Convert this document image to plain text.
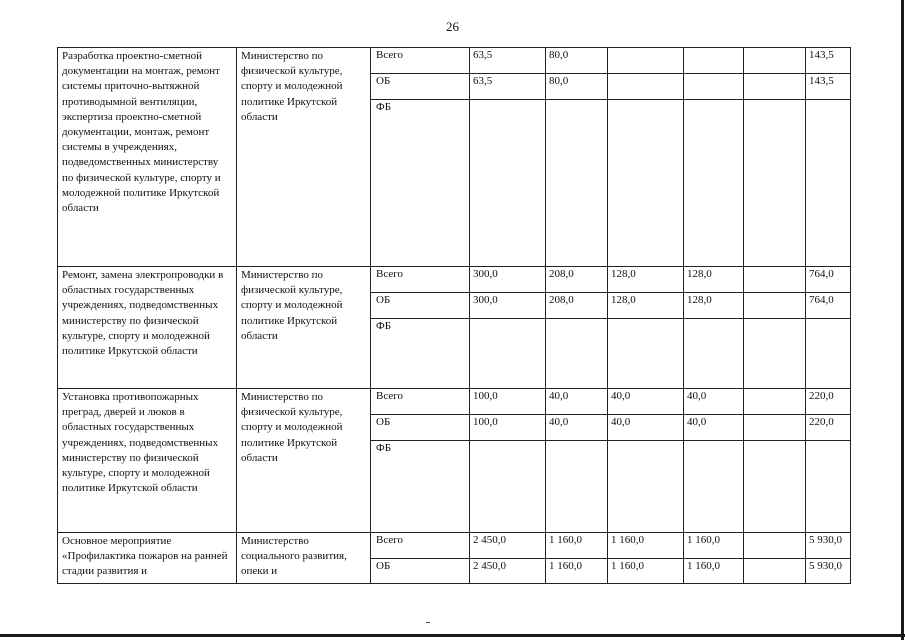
26
Разработка проектно-сметной документации на монтаж, ремонт системы приточно-вытяжной противодымной вентиляции, экспертиза проектно-сметной документации, монтаж, ремонт системы в учреждениях, подведомственных министерству по физической культуре, спорту и молодежной политике Иркутской области	Министерство по физической культуре, спорту и молодежной политике Иркутской области	Всего	63,5	80,0				143,5
		ОБ	63,5	80,0				143,5
		ФБ						
Ремонт, замена электропроводки в областных государственных учреждениях, подведомственных министерству по физической культуре, спорту и молодежной политике Иркутской области	Министерство по физической культуре, спорту и молодежной политике Иркутской области	Всего	300,0	208,0	128,0	128,0		764,0
		ОБ	300,0	208,0	128,0	128,0		764,0
		ФБ						
Установка противопожарных преград, дверей и люков в областных государственных учреждениях, подведомственных министерству по физической культуре, спорту и молодежной политике Иркутской области	Министерство по физической культуре, спорту и молодежной политике Иркутской области	Всего	100,0	40,0	40,0	40,0		220,0
		ОБ	100,0	40,0	40,0	40,0		220,0
		ФБ						
Основное мероприятие «Профилактика пожаров на ранней стадии развития и	Министерство социального развития, опеки и	Всего	2 450,0	1 160,0	1 160,0	1 160,0		5 930,0
		ОБ	2 450,0	1 160,0	1 160,0	1 160,0		5 930,0
